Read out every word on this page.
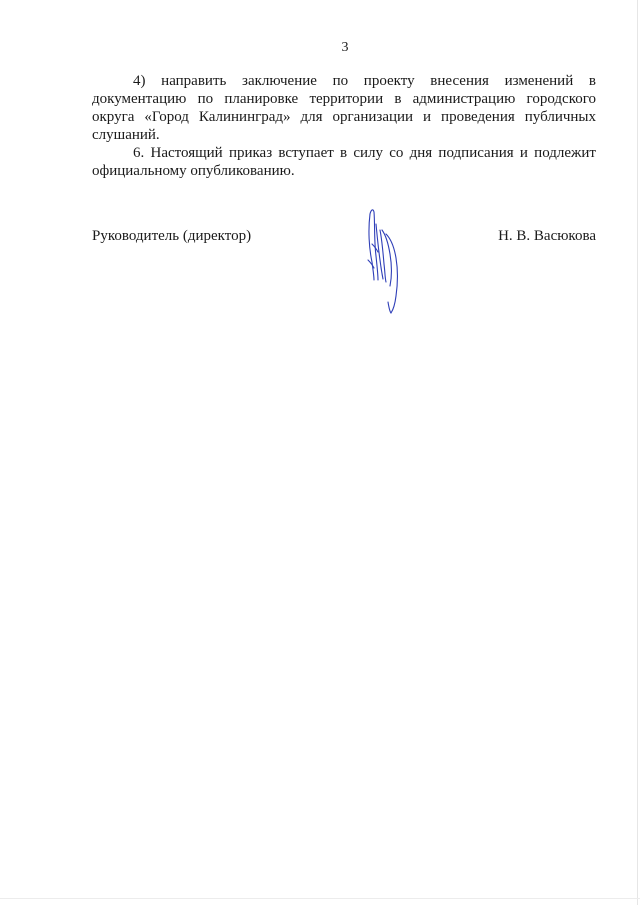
3

4) направить заключение по проекту внесения изменений в документацию по планировке территории в администрацию городского округа «Город Калининград» для организации и проведения публичных слушаний.

6. Настоящий приказ вступает в силу со дня подписания и подлежит официальному опубликованию.

Руководитель (директор)	Н. В. Васюкова
